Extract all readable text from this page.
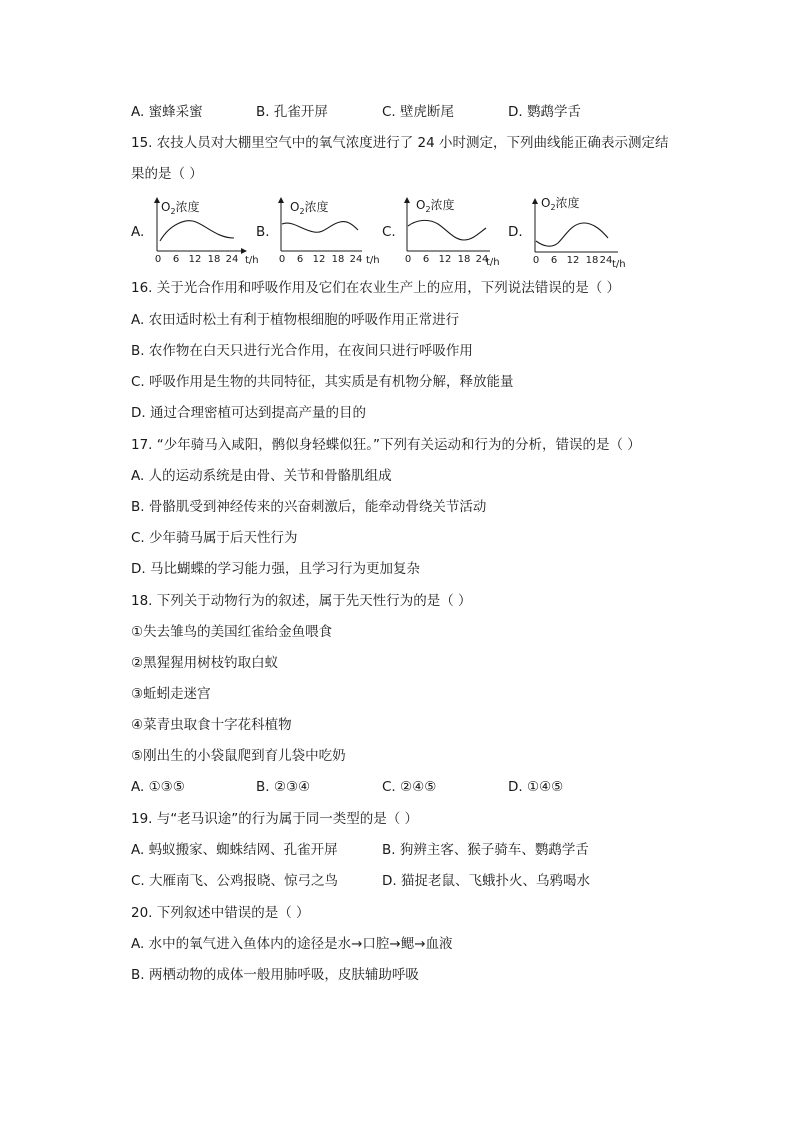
A. 蜜蜂采蜜	B. 孔雀开屏	C. 壁虎断尾	D. 鹦鹉学舌
15. 农技人员对大棚里空气中的氧气浓度进行了 24 小时测定，下列曲线能正确表示测定结
果的是（ ）
A.
$O_2$浓度
0 6 12 18 24 t/h
B.
$O_2$浓度
0 6 12 18 24 t/h
C.
$O_2$浓度
0 6 12 18 24
t/h
D.
$O_2$浓度
0 6 12 18 24 t/h
16. 关于光合作用和呼吸作用及它们在农业生产上的应用，下列说法错误的是（ ）
A. 农田适时松土有利于植物根细胞的呼吸作用正常进行
B. 农作物在白天只进行光合作用，在夜间只进行呼吸作用
C. 呼吸作用是生物的共同特征，其实质是有机物分解，释放能量
D. 通过合理密植可达到提高产量的目的
17. “少年骑马入咸阳，鹘似身轻蝶似狂。”下列有关运动和行为的分析，错误的是（ ）
A. 人的运动系统是由骨、关节和骨骼肌组成
B. 骨骼肌受到神经传来的兴奋刺激后，能牵动骨绕关节活动
C. 少年骑马属于后天性行为
D. 马比蝴蝶的学习能力强，且学习行为更加复杂
18. 下列关于动物行为的叙述，属于先天性行为的是（ ）
①失去雏鸟的美国红雀给金鱼喂食
②黑猩猩用树枝钓取白蚁
③蚯蚓走迷宫
④菜青虫取食十字花科植物
⑤刚出生的小袋鼠爬到育儿袋中吃奶
A. ①③⑤	B. ②③④	C. ②④⑤	D. ①④⑤
19. 与“老马识途”的行为属于同一类型的是（ ）
A. 蚂蚁搬家、蜘蛛结网、孔雀开屏	B. 狗辨主客、猴子骑车、鹦鹉学舌
C. 大雁南飞、公鸡报晓、惊弓之鸟	D. 猫捉老鼠、飞蛾扑火、乌鸦喝水
20. 下列叙述中错误的是（ ）
A. 水中的氧气进入鱼体内的途径是水→口腔→鳃→血液
B. 两栖动物的成体一般用肺呼吸，皮肤辅助呼吸
